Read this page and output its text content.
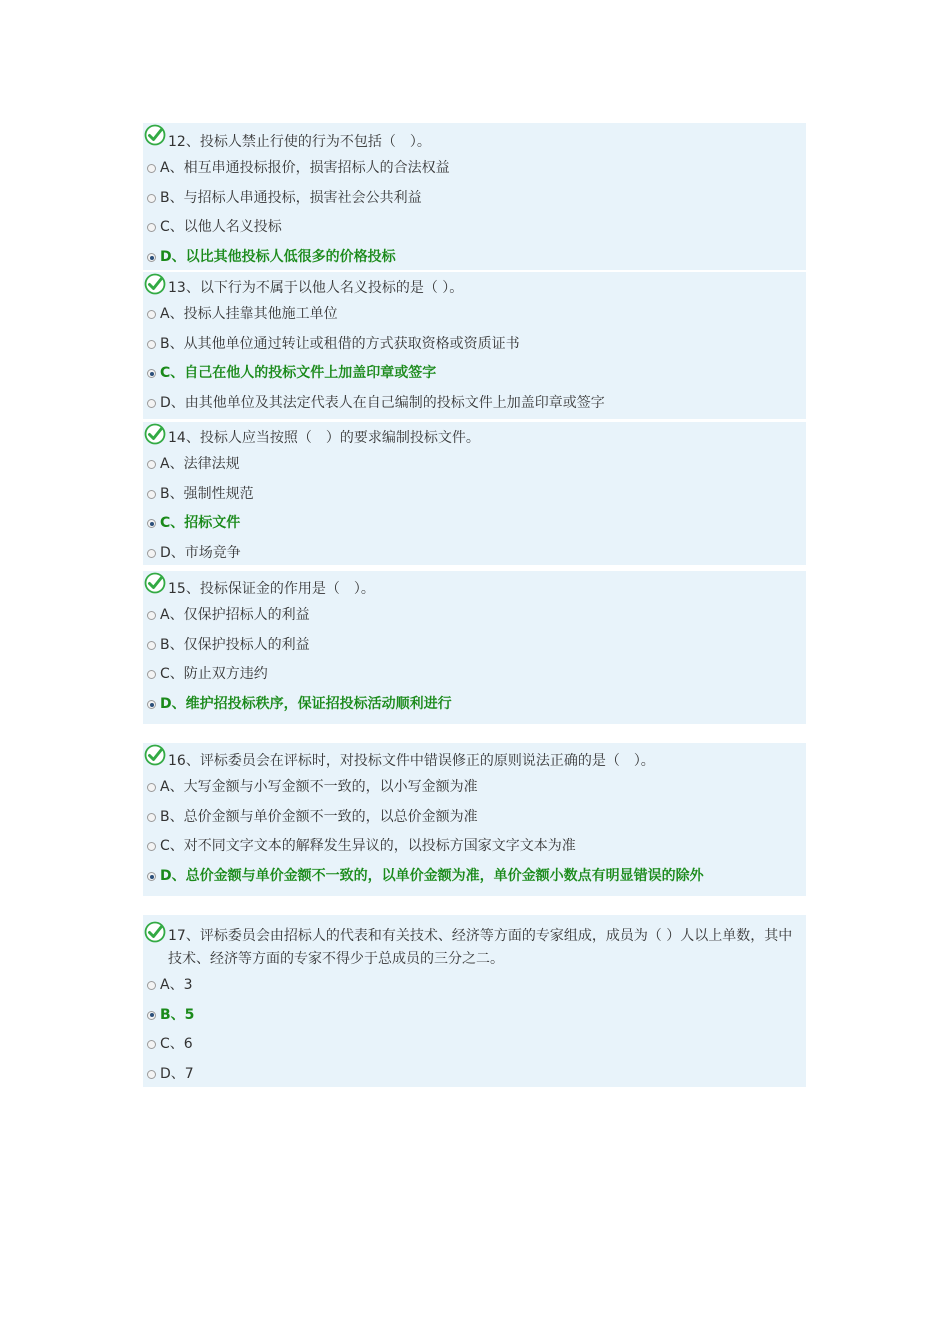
12、投标人禁止行使的行为不包括（　）。
A、相互串通投标报价，损害招标人的合法权益
B、与招标人串通投标，损害社会公共利益
C、以他人名义投标
D、以比其他投标人低很多的价格投标
13、以下行为不属于以他人名义投标的是（ ）。
A、投标人挂靠其他施工单位
B、从其他单位通过转让或租借的方式获取资格或资质证书
C、自己在他人的投标文件上加盖印章或签字
D、由其他单位及其法定代表人在自己编制的投标文件上加盖印章或签字
14、投标人应当按照（　）的要求编制投标文件。
A、法律法规
B、强制性规范
C、招标文件
D、市场竞争
15、投标保证金的作用是（　）。
A、仅保护招标人的利益
B、仅保护投标人的利益
C、防止双方违约
D、维护招投标秩序，保证招投标活动顺利进行
16、评标委员会在评标时，对投标文件中错误修正的原则说法正确的是（　）。
A、大写金额与小写金额不一致的，以小写金额为准
B、总价金额与单价金额不一致的，以总价金额为准
C、对不同文字文本的解释发生异议的，以投标方国家文字文本为准
D、总价金额与单价金额不一致的，以单价金额为准，单价金额小数点有明显错误的除外
17、评标委员会由招标人的代表和有关技术、经济等方面的专家组成，成员为（ ）人以上单数，其中技术、经济等方面的专家不得少于总成员的三分之二。
A、3
B、5
C、6
D、7
